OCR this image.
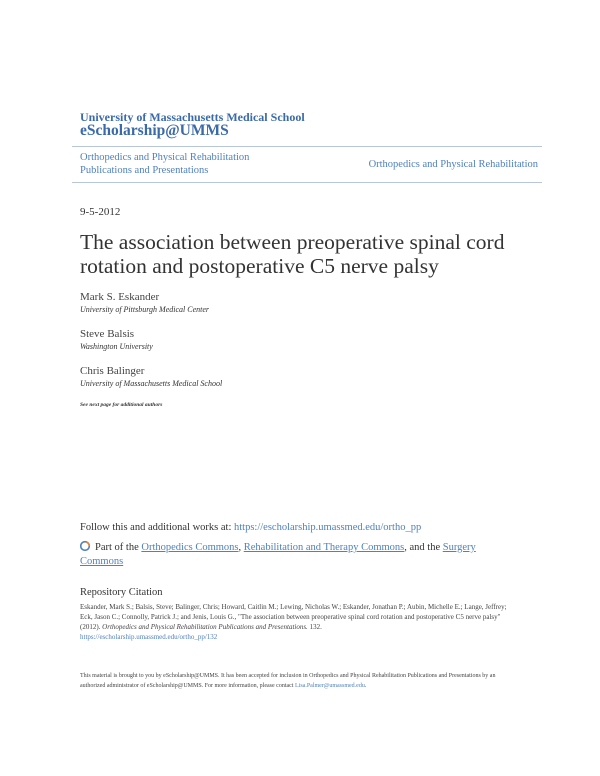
University of Massachusetts Medical School
eScholarship@UMMS
Orthopedics and Physical Rehabilitation Publications and Presentations
Orthopedics and Physical Rehabilitation
9-5-2012
The association between preoperative spinal cord rotation and postoperative C5 nerve palsy
Mark S. Eskander
University of Pittsburgh Medical Center
Steve Balsis
Washington University
Chris Balinger
University of Massachusetts Medical School
See next page for additional authors
Follow this and additional works at: https://escholarship.umassmed.edu/ortho_pp
Part of the Orthopedics Commons, Rehabilitation and Therapy Commons, and the Surgery Commons
Repository Citation
Eskander, Mark S.; Balsis, Steve; Balinger, Chris; Howard, Caitlin M.; Lewing, Nicholas W.; Eskander, Jonathan P.; Aubin, Michelle E.; Lange, Jeffrey; Eck, Jason C.; Connolly, Patrick J.; and Jenis, Louis G., "The association between preoperative spinal cord rotation and postoperative C5 nerve palsy" (2012). Orthopedics and Physical Rehabilitation Publications and Presentations. 132.
https://escholarship.umassmed.edu/ortho_pp/132
This material is brought to you by eScholarship@UMMS. It has been accepted for inclusion in Orthopedics and Physical Rehabilitation Publications and Presentations by an authorized administrator of eScholarship@UMMS. For more information, please contact Lisa.Palmer@umassmed.edu.
